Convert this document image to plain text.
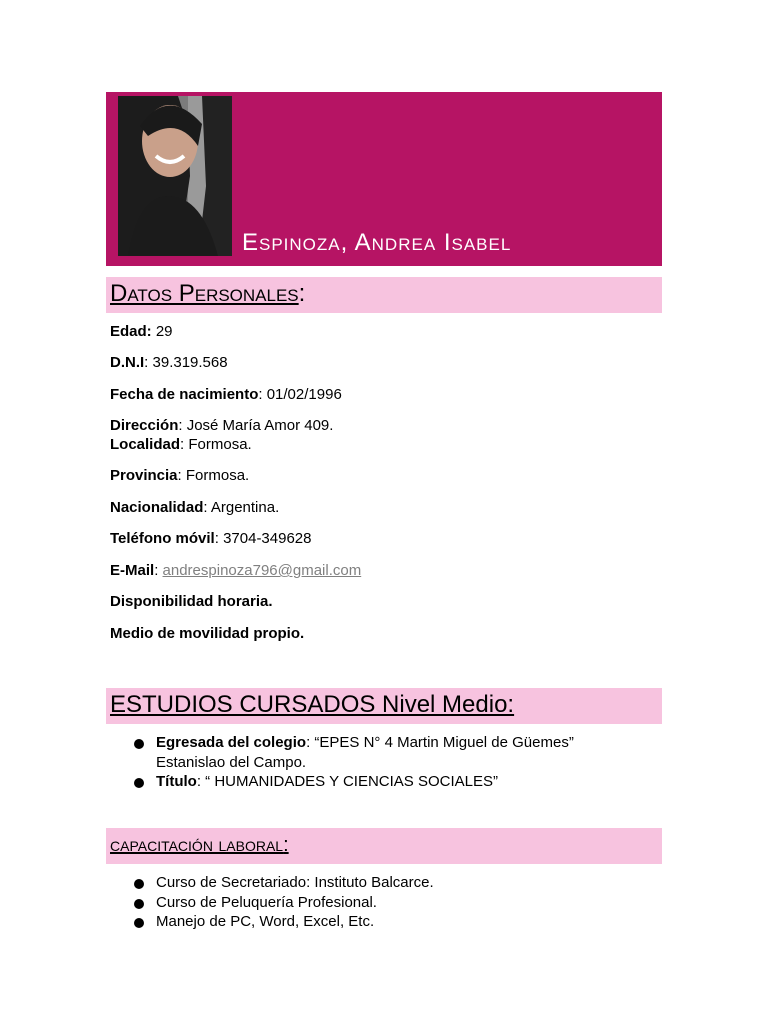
Espinoza, Andrea Isabel
Datos Personales:
Edad: 29
D.N.I: 39.319.568
Fecha de nacimiento: 01/02/1996
Dirección: José María Amor 409.
Localidad: Formosa.
Provincia: Formosa.
Nacionalidad: Argentina.
Teléfono móvil: 3704-349628
E-Mail: andrespinoza796@gmail.com
Disponibilidad horaria.
Medio de movilidad propio.
ESTUDIOS CURSADOS Nivel Medio:
Egresada del colegio: “EPES N° 4 Martin Miguel de Güemes”
Estanislao del Campo.
Título: “ HUMANIDADES Y CIENCIAS SOCIALES”
capacitación laboral:
Curso de Secretariado: Instituto Balcarce.
Curso de Peluquería Profesional.
Manejo de PC, Word, Excel, Etc.
